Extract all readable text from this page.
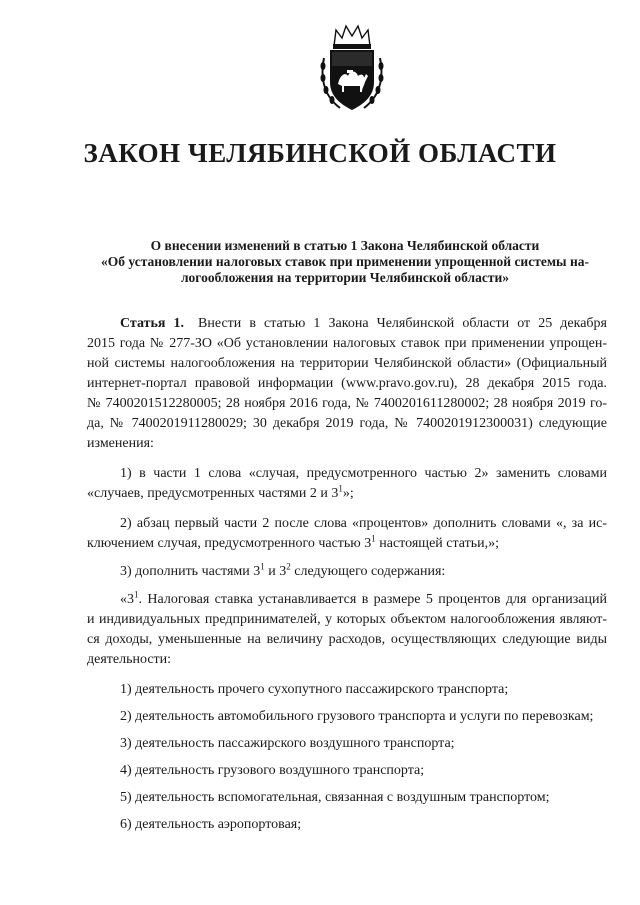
ЗАКОН ЧЕЛЯБИНСКОЙ ОБЛАСТИ
О внесении изменений в статью 1 Закона Челябинской области
«Об установлении налоговых ставок при применении упрощенной системы на-
логообложения на территории Челябинской области»
Статья 1. Внести в статью 1 Закона Челябинской области от 25 декабря
2015 года № 277-ЗО «Об установлении налоговых ставок при применении упрощен-
ной системы налогообложения на территории Челябинской области» (Официальный
интернет-портал правовой информации (www.pravo.gov.ru), 28 декабря 2015 года.
№ 7400201512280005; 28 ноября 2016 года, № 7400201611280002; 28 ноября 2019 го-
да, № 7400201911280029; 30 декабря 2019 года, № 7400201912300031) следующие
изменения:
1) в части 1 слова «случая, предусмотренного частью 2» заменить словами
«случаев, предусмотренных частями 2 и $3^1$»;
2) абзац первый части 2 после слова «процентов» дополнить словами «, за ис-
ключением случая, предусмотренного частью $3^1$ настоящей статьи,»;
3) дополнить частями $3^1$ и $3^2$ следующего содержания:
«$3^1$. Налоговая ставка устанавливается в размере 5 процентов для организаций
и индивидуальных предпринимателей, у которых объектом налогообложения являют-
ся доходы, уменьшенные на величину расходов, осуществляющих следующие виды
деятельности:
1) деятельность прочего сухопутного пассажирского транспорта;
2) деятельность автомобильного грузового транспорта и услуги по перевозкам;
3) деятельность пассажирского воздушного транспорта;
4) деятельность грузового воздушного транспорта;
5) деятельность вспомогательная, связанная с воздушным транспортом;
6) деятельность аэропортовая;
